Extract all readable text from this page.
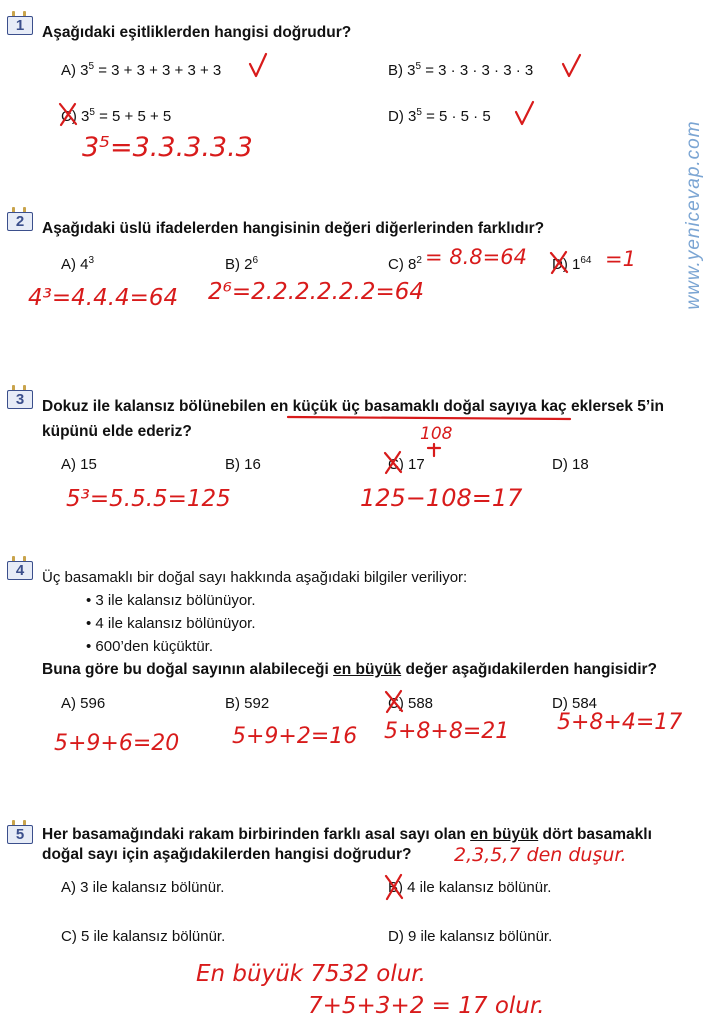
www.yenicevap.com
1	Aşağıdaki eşitliklerden hangisi doğrudur?
A) $3^5 = 3 + 3 + 3 + 3 + 3$	B) $3^5 = 3 \cdot 3 \cdot 3 \cdot 3 \cdot 3$
C) $3^5 = 5 + 5 + 5$	D) $3^5 = 5 \cdot 5 \cdot 5$
3⁵=3.3.3.3.3
2	Aşağıdaki üslü ifadelerden hangisinin değeri diğerlerinden farklıdır?
A) $4^3$	B) $2^6$	C) $8^2$	D) $1^{64}$
= 8.8=64	=1
4³=4.4.4=64 2⁶=2.2.2.2.2.2=64
3	Dokuz ile kalansız bölünebilen en küçük üç basamaklı doğal sayıya kaç eklersek 5’in
küpünü elde ederiz?
A) 15	B) 16	C) 17	D) 18
108
5³=5.5.5=125	125−108=17
4	Üç basamaklı bir doğal sayı hakkında aşağıdaki bilgiler veriliyor:
• 3 ile kalansız bölünüyor.
• 4 ile kalansız bölünüyor.
• 600’den küçüktür.
Buna göre bu doğal sayının alabileceği en büyük değer aşağıdakilerden hangisidir?
A) 596	B) 592	C) 588	D) 584
5+9+6=20 5+9+2=16 5+8+8=21 5+8+4=17
5	Her basamağındaki rakam birbirinden farklı asal sayı olan en büyük dört basamaklı
doğal sayı için aşağıdakilerden hangisi doğrudur? 2,3,5,7 den duşur.
A) 3 ile kalansız bölünür.	B) 4 ile kalansız bölünür.
C) 5 ile kalansız bölünür.	D) 9 ile kalansız bölünür.
En büyük 7532 olur.
7+5+3+2 = 17 olur.
